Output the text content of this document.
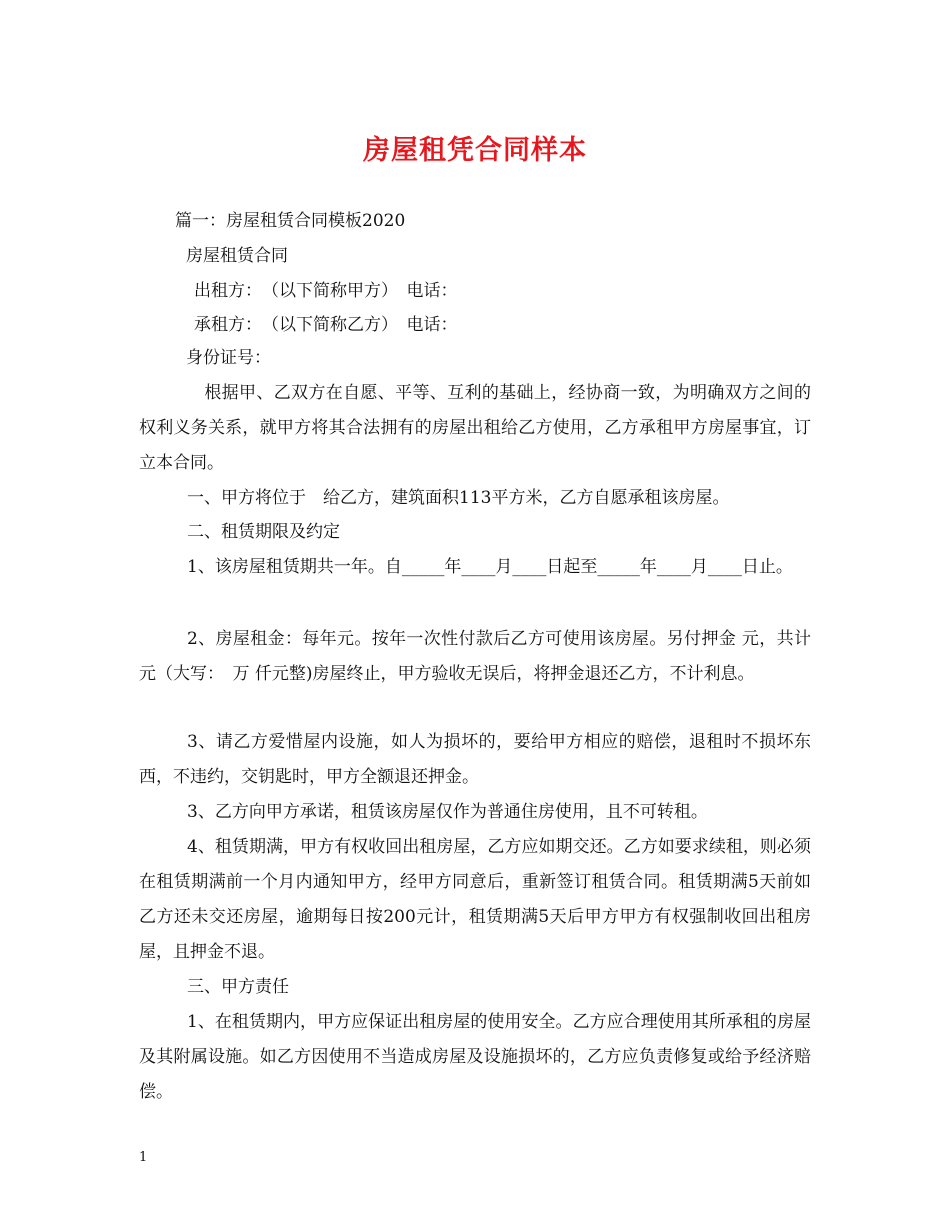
房屋租凭合同样本
篇一：房屋租赁合同模板2020
房屋租赁合同
出租方：　（以下简称甲方）　电话：
承租方：　（以下简称乙方）　电话：
身份证号：
　根据甲、乙双方在自愿、平等、互利的基础上，经协商一致，为明确双方之间的权利义务关系，就甲方将其合法拥有的房屋出租给乙方使用，乙方承租甲方房屋事宜，订立本合同。
一、甲方将位于　给乙方，建筑面积113平方米，乙方自愿承租该房屋。
二、租赁期限及约定
1、该房屋租赁期共一年。自_____年____月____日起至_____年____月____日止。
2、房屋租金：每年元。按年一次性付款后乙方可使用该房屋。另付押金 元，共计　元（大写：　万 仟元整)房屋终止，甲方验收无误后，将押金退还乙方，不计利息。
3、请乙方爱惜屋内设施，如人为损坏的，要给甲方相应的赔偿，退租时不损坏东西，不违约，交钥匙时，甲方全额退还押金。
3、乙方向甲方承诺，租赁该房屋仅作为普通住房使用，且不可转租。
4、租赁期满，甲方有权收回出租房屋，乙方应如期交还。乙方如要求续租，则必须在租赁期满前一个月内通知甲方，经甲方同意后，重新签订租赁合同。租赁期满5天前如乙方还未交还房屋，逾期每日按200元计，租赁期满5天后甲方甲方有权强制收回出租房屋，且押金不退。
三、甲方责任
1、在租赁期内，甲方应保证出租房屋的使用安全。乙方应合理使用其所承租的房屋及其附属设施。如乙方因使用不当造成房屋及设施损坏的，乙方应负责修复或给予经济赔偿。
1
